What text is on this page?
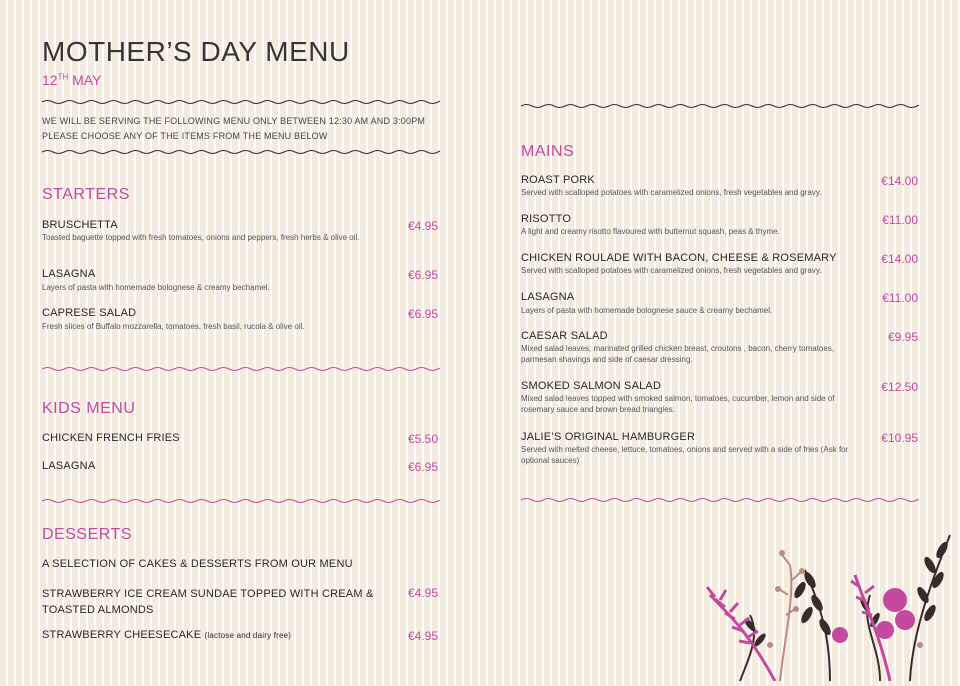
MOTHER’S DAY MENU
12TH MAY
WE WILL BE SERVING THE FOLLOWING MENU ONLY BETWEEN 12:30 AM AND 3:00PM
PLEASE CHOOSE ANY OF THE ITEMS FROM THE MENU BELOW
STARTERS
BRUSCHETTA
Toasted baguette topped with fresh tomatoes, onions and peppers, fresh herbs & olive oil.
€4.95
LASAGNA
Layers of pasta with homemade bolognese & creamy bechamel.
€6.95
CAPRESE SALAD
Fresh slices of Buffalo mozzarella, tomatoes, fresh basil, rucola & olive oil.
€6.95
KIDS MENU
CHICKEN FRENCH FRIES	€5.50
LASAGNA	€6.95
DESSERTS
A SELECTION OF CAKES & DESSERTS FROM OUR MENU
STRAWBERRY ICE CREAM SUNDAE TOPPED WITH CREAM &
TOASTED ALMONDS
€4.95
STRAWBERRY CHEESECAKE (lactose and dairy free)	€4.95
MAINS
ROAST PORK
Served with scalloped potatoes with caramelized onions, fresh vegetables and gravy.
€14.00
RISOTTO
A light and creamy risotto flavoured with butternut squash, peas & thyme.
€11.00
CHICKEN ROULADE WITH BACON, CHEESE & ROSEMARY
Served with scalloped potatoes with caramelized onions, fresh vegetables and gravy.
€14.00
LASAGNA
Layers of pasta with homemade bolognese sauce & creamy bechamel.
€11.00
CAESAR SALAD
Mixed salad leaves, marinated grilled chicken breast, croutons , bacon, cherry tomatoes, parmesan shavings and side of caesar dressing.
€9.95
SMOKED SALMON SALAD
Mixed salad leaves topped with smoked salmon, tomatoes, cucumber, lemon and side of rosemary sauce and brown bread triangles.
€12.50
JALIE’S ORIGINAL HAMBURGER
Served with melted cheese, lettuce, tomatoes, onions and served with a side of fries (Ask for optional sauces)
€10.95
